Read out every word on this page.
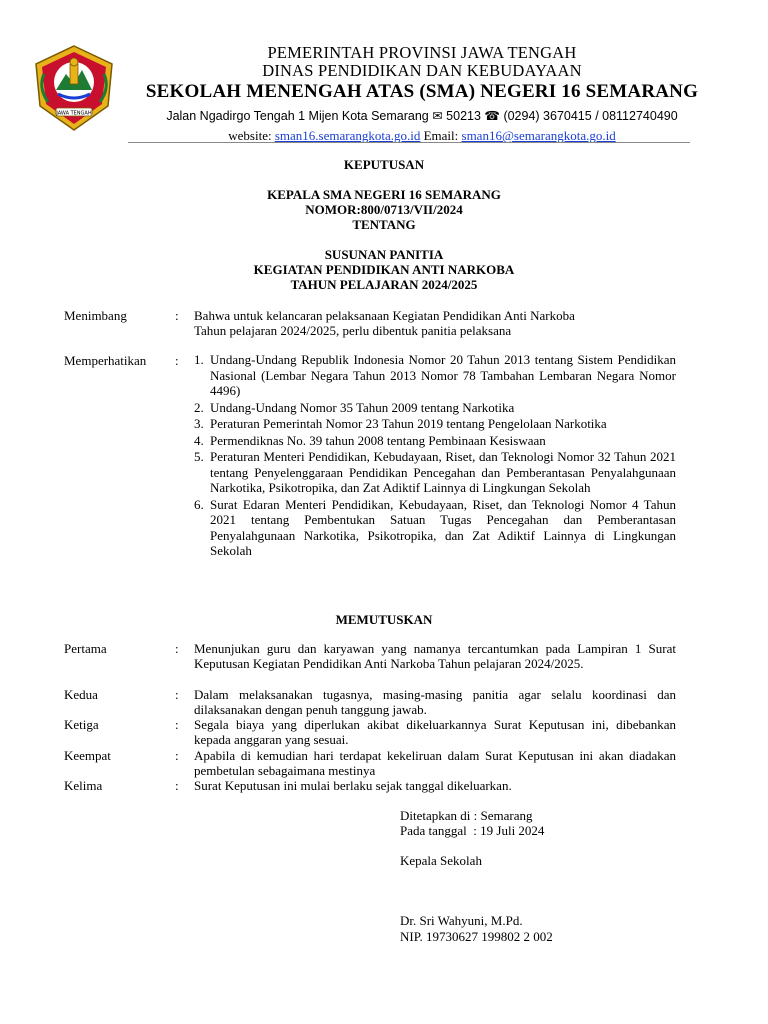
JAWA TENGAH
PEMERINTAH PROVINSI JAWA TENGAH
DINAS PENDIDIKAN DAN KEBUDAYAAN
SEKOLAH MENENGAH ATAS (SMA) NEGERI 16 SEMARANG
Jalan Ngadirgo Tengah 1 Mijen Kota Semarang ✉ 50213 ☎ (0294) 3670415 / 08112740490
website: sman16.semarangkota.go.id Email: sman16@semarangkota.go.id
KEPUTUSAN
KEPALA SMA NEGERI 16 SEMARANG
NOMOR:800/0713/VII/2024
TENTANG
SUSUNAN PANITIA
KEGIATAN PENDIDIKAN ANTI NARKOBA
TAHUN PELAJARAN 2024/2025
Menimbang	: Bahwa untuk kelancaran pelaksanaan Kegiatan Pendidikan Anti Narkoba
Tahun pelajaran 2024/2025, perlu dibentuk panitia pelaksana
Memperhatikan : 1. Undang-Undang Republik Indonesia Nomor 20 Tahun 2013 tentang Sistem Pendidikan Nasional (Lembar Negara Tahun 2013 Nomor 78 Tambahan Lembaran Negara Nomor 4496)
2. Undang-Undang Nomor 35 Tahun 2009 tentang Narkotika
3. Peraturan Pemerintah Nomor 23 Tahun 2019 tentang Pengelolaan Narkotika
4. Permendiknas No. 39 tahun 2008 tentang Pembinaan Kesiswaan
5. Peraturan Menteri Pendidikan, Kebudayaan, Riset, dan Teknologi Nomor 32 Tahun 2021 tentang Penyelenggaraan Pendidikan Pencegahan dan Pemberantasan Penyalahgunaan Narkotika, Psikotropika, dan Zat Adiktif Lainnya di Lingkungan Sekolah
6. Surat Edaran Menteri Pendidikan, Kebudayaan, Riset, dan Teknologi Nomor 4 Tahun 2021 tentang Pembentukan Satuan Tugas Pencegahan dan Pemberantasan Penyalahgunaan Narkotika, Psikotropika, dan Zat Adiktif Lainnya di Lingkungan Sekolah
MEMUTUSKAN
Pertama	: Menunjukan guru dan karyawan yang namanya tercantumkan pada Lampiran 1 Surat Keputusan Kegiatan Pendidikan Anti Narkoba Tahun pelajaran 2024/2025.
Kedua	: Dalam melaksanakan tugasnya, masing-masing panitia agar selalu koordinasi dan dilaksanakan dengan penuh tanggung jawab.
Ketiga	: Segala biaya yang diperlukan akibat dikeluarkannya Surat Keputusan ini, dibebankan kepada anggaran yang sesuai.
Keempat	: Apabila di kemudian hari terdapat kekeliruan dalam Surat Keputusan ini akan diadakan pembetulan sebagaimana mestinya
Kelima	: Surat Keputusan ini mulai berlaku sejak tanggal dikeluarkan.
Ditetapkan di : Semarang
Pada tanggal  : 19 Juli 2024
Kepala Sekolah
Dr. Sri Wahyuni, M.Pd.
NIP. 19730627 199802 2 002
